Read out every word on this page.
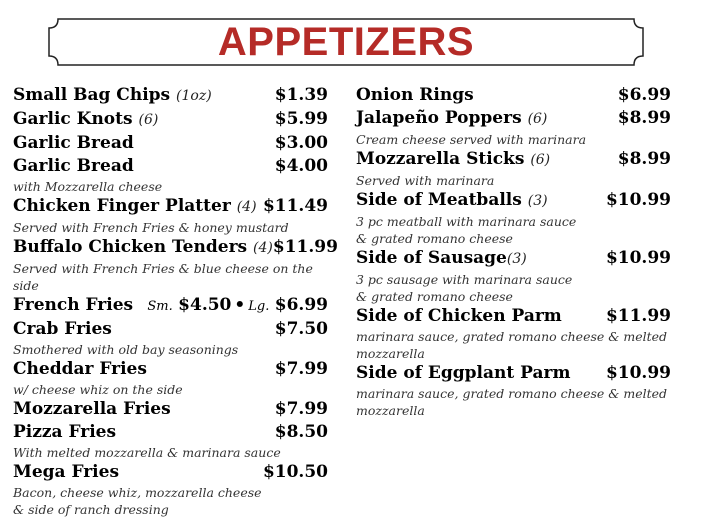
APPETIZERS
Small Bag Chips (1oz)	$1.39
Garlic Knots (6)	$5.99
Garlic Bread	$3.00
Garlic Bread	$4.00
with Mozzarella cheese
Chicken Finger Platter (4) $11.49
Served with French Fries & honey mustard
Buffalo Chicken Tenders (4) $11.99
Served with French Fries & blue cheese on the side
French Fries Sm. $4.50 • Lg. $6.99
Crab Fries	$7.50
Smothered with old bay seasonings
Cheddar Fries	$7.99
w/ cheese whiz on the side
Mozzarella Fries	$7.99
Pizza Fries	$8.50
With melted mozzarella & marinara sauce
Mega Fries	$10.50
Bacon, cheese whiz, mozzarella cheese
& side of ranch dressing
Onion Rings	$6.99
Jalapeño Poppers (6)	$8.99
Cream cheese served with marinara
Mozzarella Sticks (6)	$8.99
Served with marinara
Side of Meatballs (3)	$10.99
3 pc meatball with marinara sauce
& grated romano cheese
Side of Sausage(3)	$10.99
3 pc sausage with marinara sauce
& grated romano cheese
Side of Chicken Parm	$11.99
marinara sauce, grated romano cheese & melted
mozzarella
Side of Eggplant Parm $10.99
marinara sauce, grated romano cheese & melted
mozzarella
